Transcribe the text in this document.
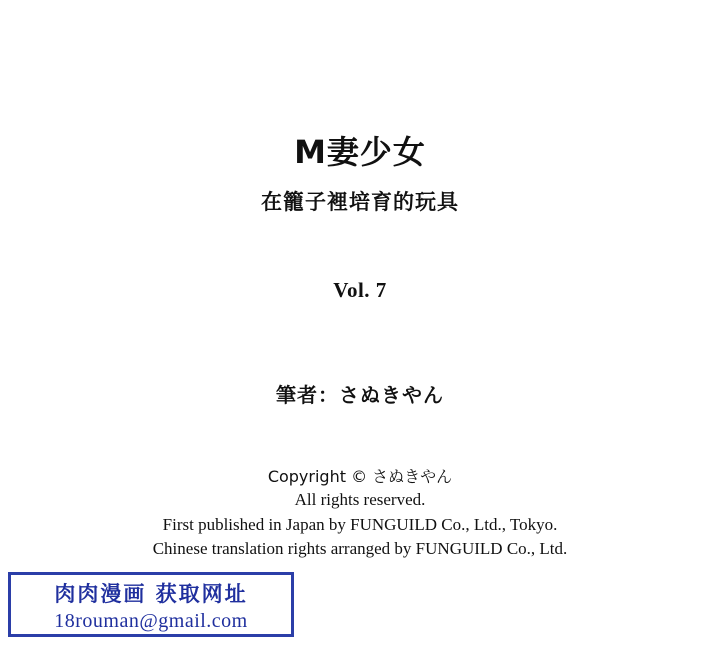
M妻少女
在籠子裡培育的玩具
Vol. 7
筆者：さぬきやん
Copyright © さぬきやん
All rights reserved.
First published in Japan by FUNGUILD Co., Ltd., Tokyo.
Chinese translation rights arranged by FUNGUILD Co., Ltd.
肉肉漫画 获取网址
18rouman@gmail.com
